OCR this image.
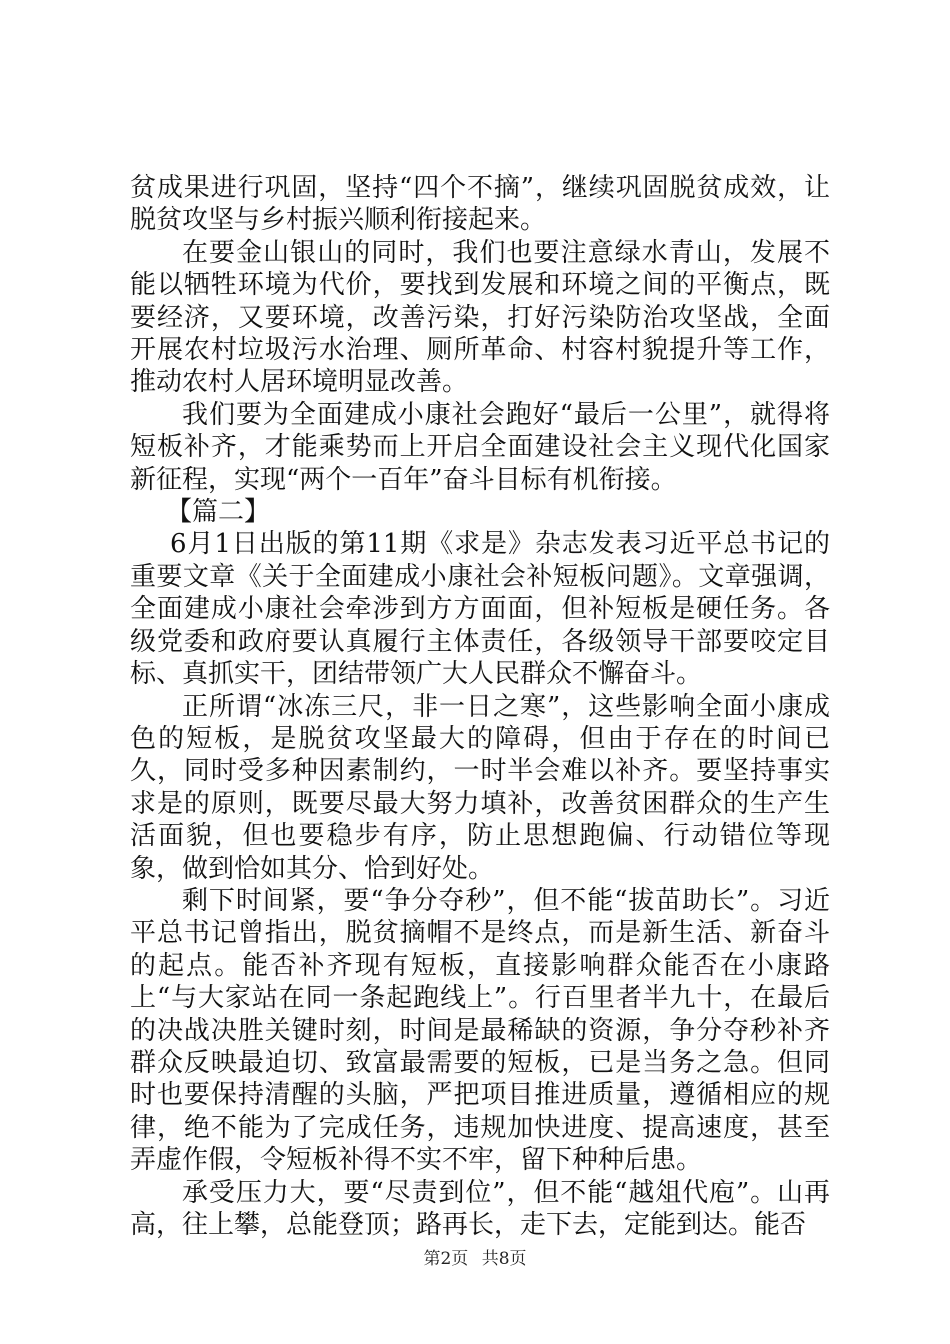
贫成果进行巩固，坚持“四个不摘”，继续巩固脱贫成效，让脱贫攻坚与乡村振兴顺利衔接起来。

在要金山银山的同时，我们也要注意绿水青山，发展不能以牺牲环境为代价，要找到发展和环境之间的平衡点，既要经济，又要环境，改善污染，打好污染防治攻坚战，全面开展农村垃圾污水治理、厕所革命、村容村貌提升等工作，推动农村人居环境明显改善。

我们要为全面建成小康社会跑好“最后一公里”，就得将短板补齐，才能乘势而上开启全面建设社会主义现代化国家新征程，实现“两个一百年”奋斗目标有机衔接。

【篇二】

6月1日出版的第11期《求是》杂志发表习近平总书记的重要文章《关于全面建成小康社会补短板问题》。文章强调，全面建成小康社会牵涉到方方面面，但补短板是硬任务。各级党委和政府要认真履行主体责任，各级领导干部要咬定目标、真抓实干，团结带领广大人民群众不懈奋斗。

正所谓“冰冻三尺，非一日之寒”，这些影响全面小康成色的短板，是脱贫攻坚最大的障碍，但由于存在的时间已久，同时受多种因素制约，一时半会难以补齐。要坚持事实求是的原则，既要尽最大努力填补，改善贫困群众的生产生活面貌，但也要稳步有序，防止思想跑偏、行动错位等现象，做到恰如其分、恰到好处。

剩下时间紧，要“争分夺秒”，但不能“拔苗助长”。习近平总书记曾指出，脱贫摘帽不是终点，而是新生活、新奋斗的起点。能否补齐现有短板，直接影响群众能否在小康路上“与大家站在同一条起跑线上”。行百里者半九十，在最后的决战决胜关键时刻，时间是最稀缺的资源，争分夺秒补齐群众反映最迫切、致富最需要的短板，已是当务之急。但同时也要保持清醒的头脑，严把项目推进质量，遵循相应的规律，绝不能为了完成任务，违规加快进度、提高速度，甚至弄虚作假，令短板补得不实不牢，留下种种后患。

承受压力大，要“尽责到位”，但不能“越俎代庖”。山再高，往上攀，总能登顶；路再长，走下去，定能到达。能否

第2页 共8页
